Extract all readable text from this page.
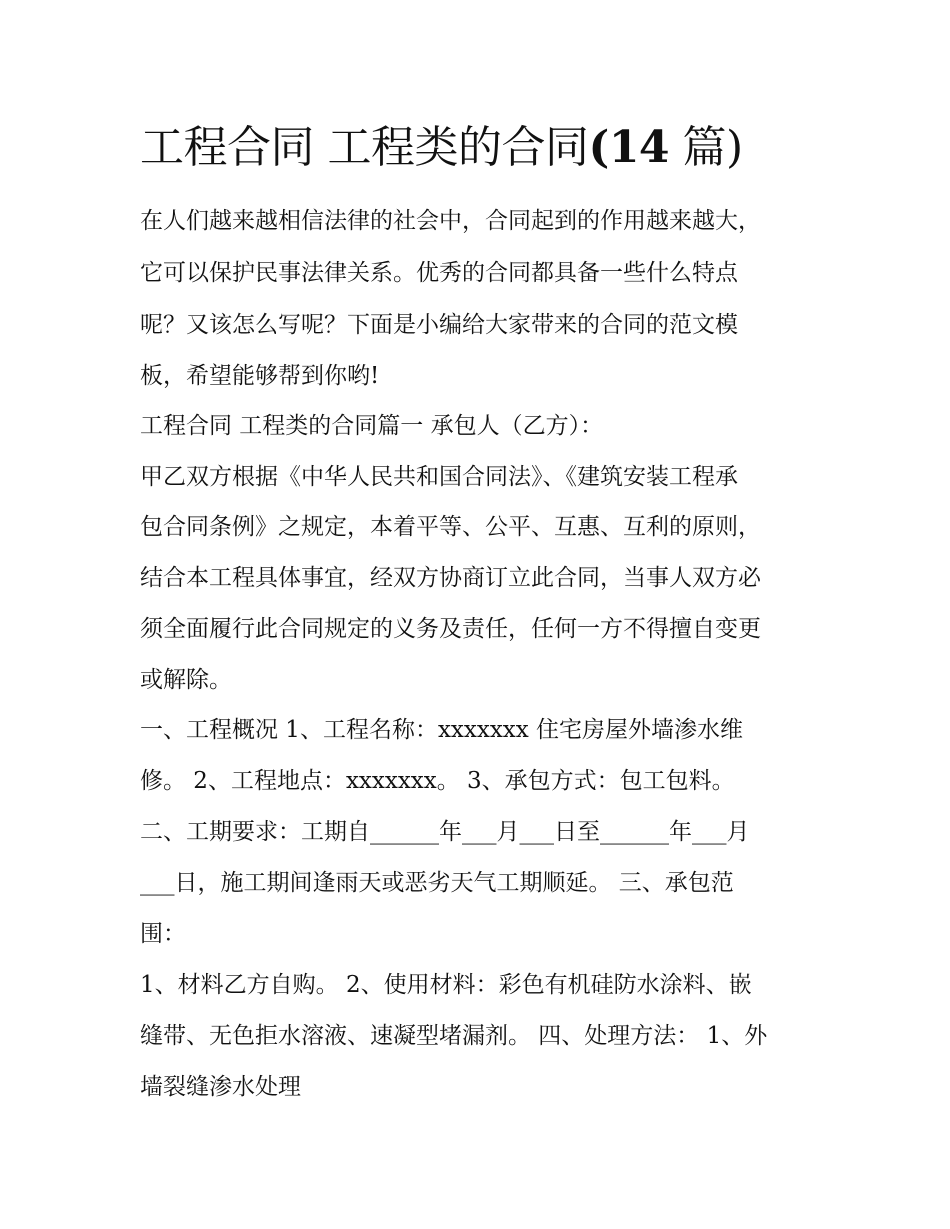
工程合同 工程类的合同(14 篇)

在人们越来越相信法律的社会中，合同起到的作用越来越大，

它可以保护民事法律关系。优秀的合同都具备一些什么特点

呢？又该怎么写呢？下面是小编给大家带来的合同的范文模

板，希望能够帮到你哟!

工程合同 工程类的合同篇一 承包人（乙方）：

甲乙双方根据《中华人民共和国合同法》、《建筑安装工程承

包合同条例》之规定，本着平等、公平、互惠、互利的原则，

结合本工程具体事宜，经双方协商订立此合同，当事人双方必

须全面履行此合同规定的义务及责任，任何一方不得擅自变更

或解除。

一、工程概况 1、工程名称：xxxxxxx 住宅房屋外墙渗水维

修。 2、工程地点：xxxxxxx。 3、承包方式：包工包料。

二、工期要求：工期自______年___月___日至______年___月

___日，施工期间逢雨天或恶劣天气工期顺延。 三、承包范

围：

1、材料乙方自购。 2、使用材料：彩色有机硅防水涂料、嵌

缝带、无色拒水溶液、速凝型堵漏剂。 四、处理方法： 1、外

墙裂缝渗水处理
